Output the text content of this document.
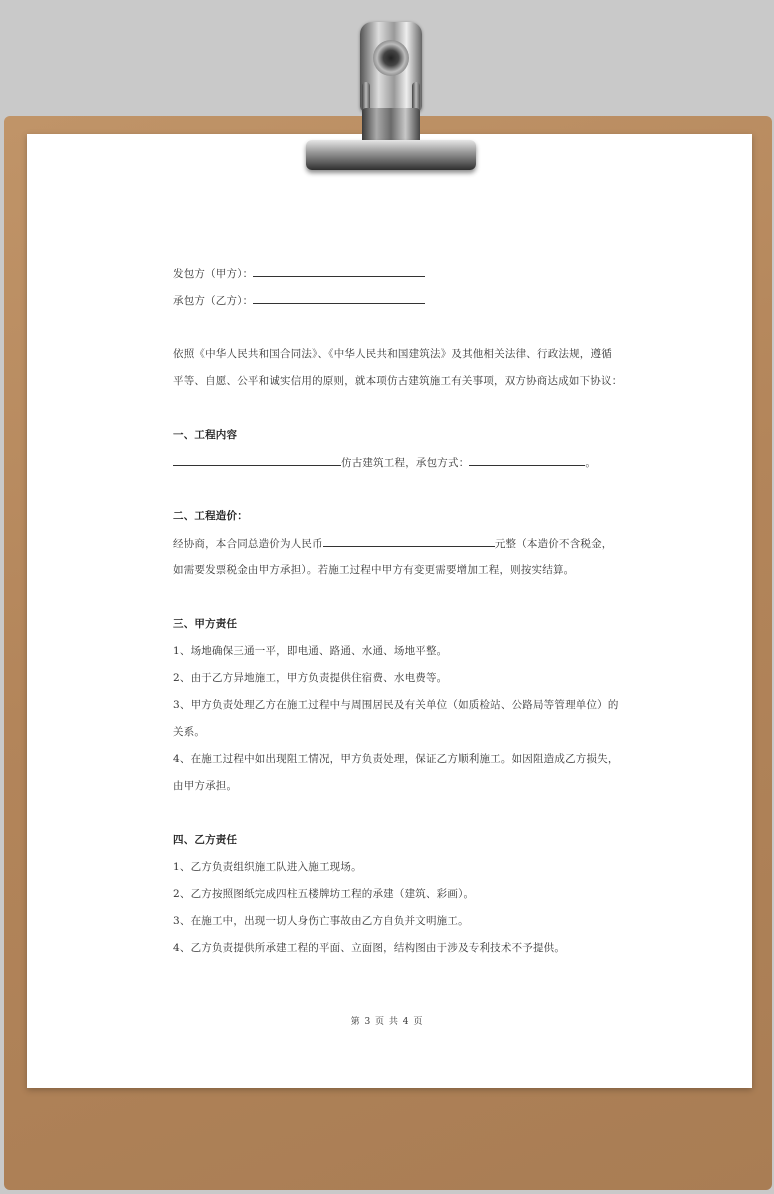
发包方（甲方）：
承包方（乙方）：
依照《中华人民共和国合同法》、《中华人民共和国建筑法》及其他相关法律、行政法规，遵循
平等、自愿、公平和诚实信用的原则，就本项仿古建筑施工有关事项，双方协商达成如下协议：
一、工程内容
仿古建筑工程，承包方式：	。
二、工程造价：
经协商，本合同总造价为人民币	元整（本造价不含税金，
如需要发票税金由甲方承担）。若施工过程中甲方有变更需要增加工程，则按实结算。
三、甲方责任
1、场地确保三通一平，即电通、路通、水通、场地平整。
2、由于乙方异地施工，甲方负责提供住宿费、水电费等。
3、甲方负责处理乙方在施工过程中与周围居民及有关单位（如质检站、公路局等管理单位）的
关系。
4、在施工过程中如出现阻工情况，甲方负责处理，保证乙方顺利施工。如因阻造成乙方损失，
由甲方承担。
四、乙方责任
1、乙方负责组织施工队进入施工现场。
2、乙方按照图纸完成四柱五楼牌坊工程的承建（建筑、彩画）。
3、在施工中，出现一切人身伤亡事故由乙方自负并文明施工。
4、乙方负责提供所承建工程的平面、立面图，结构图由于涉及专利技术不予提供。
第 3 页 共 4 页
